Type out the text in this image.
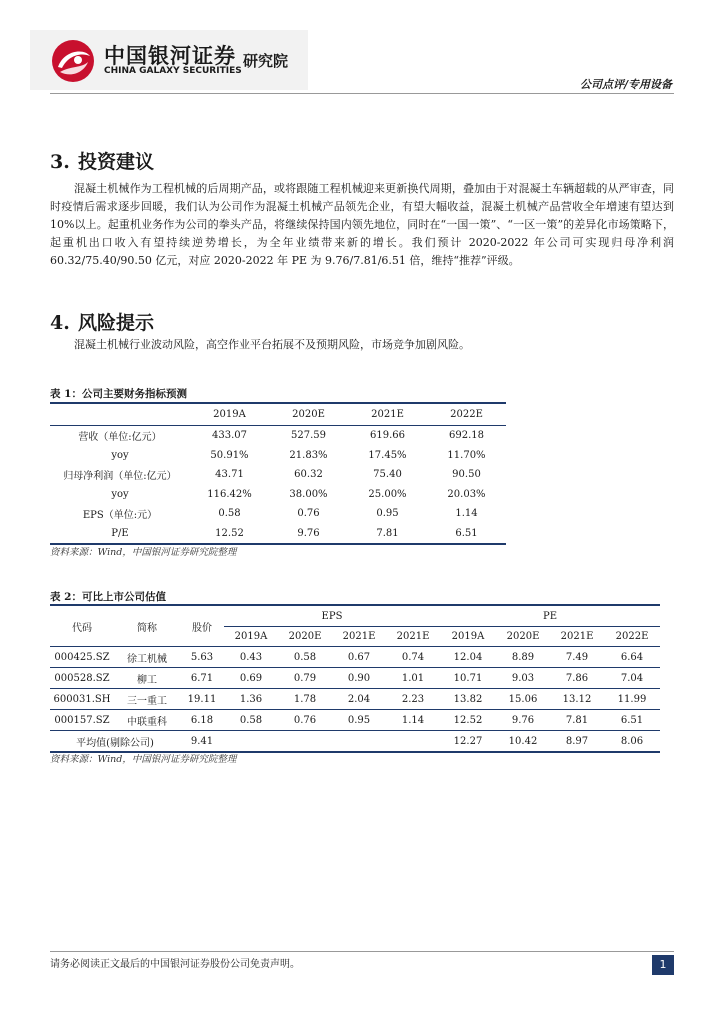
中国银河证券
CHINA GALAXY SECURITIES
研究院
公司点评/专用设备
3. 投资建议

混凝土机械作为工程机械的后周期产品，或将跟随工程机械迎来更新换代周期，叠加由于对混凝土车辆超载的从严审查，同时疫情后需求逐步回暖，我们认为公司作为混凝土机械产品领先企业，有望大幅收益，混凝土机械产品营收全年增速有望达到 10%以上。起重机业务作为公司的拳头产品，将继续保持国内领先地位，同时在“一国一策”、“一区一策”的差异化市场策略下，起重机出口收入有望持续逆势增长，为全年业绩带来新的增长。我们预计 2020-2022 年公司可实现归母净利润 60.32/75.40/90.50 亿元，对应 2020-2022 年 PE 为 9.76/7.81/6.51 倍，维持“推荐”评级。

4. 风险提示

混凝土机械行业波动风险，高空作业平台拓展不及预期风险，市场竞争加剧风险。

表 1：公司主要财务指标预测
	2019A	2020E	2021E	2022E
营收（单位:亿元）	433.07	527.59	619.66	692.18
yoy	50.91%	21.83%	17.45%	11.70%
归母净利润（单位:亿元）	43.71	60.32	75.40	90.50
yoy	116.42%	38.00%	25.00%	20.03%
EPS（单位:元）	0.58	0.76	0.95	1.14
P/E	12.52	9.76	7.81	6.51
资料来源：Wind，中国银河证券研究院整理
表 2：可比上市公司估值
代码	简称	股价	EPS				PE			
			2019A	2020E	2021E	2021E	2019A	2020E	2021E	2022E
000425.SZ	徐工机械	5.63	0.43	0.58	0.67	0.74	12.04	8.89	7.49	6.64
000528.SZ	柳工	6.71	0.69	0.79	0.90	1.01	10.71	9.03	7.86	7.04
600031.SH	三一重工	19.11	1.36	1.78	2.04	2.23	13.82	15.06	13.12	11.99
000157.SZ	中联重科	6.18	0.58	0.76	0.95	1.14	12.52	9.76	7.81	6.51
平均值(剔除公司)		9.41					12.27	10.42	8.97	8.06
资料来源：Wind，中国银河证券研究院整理
请务必阅读正文最后的中国银河证券股份公司免责声明。	1
